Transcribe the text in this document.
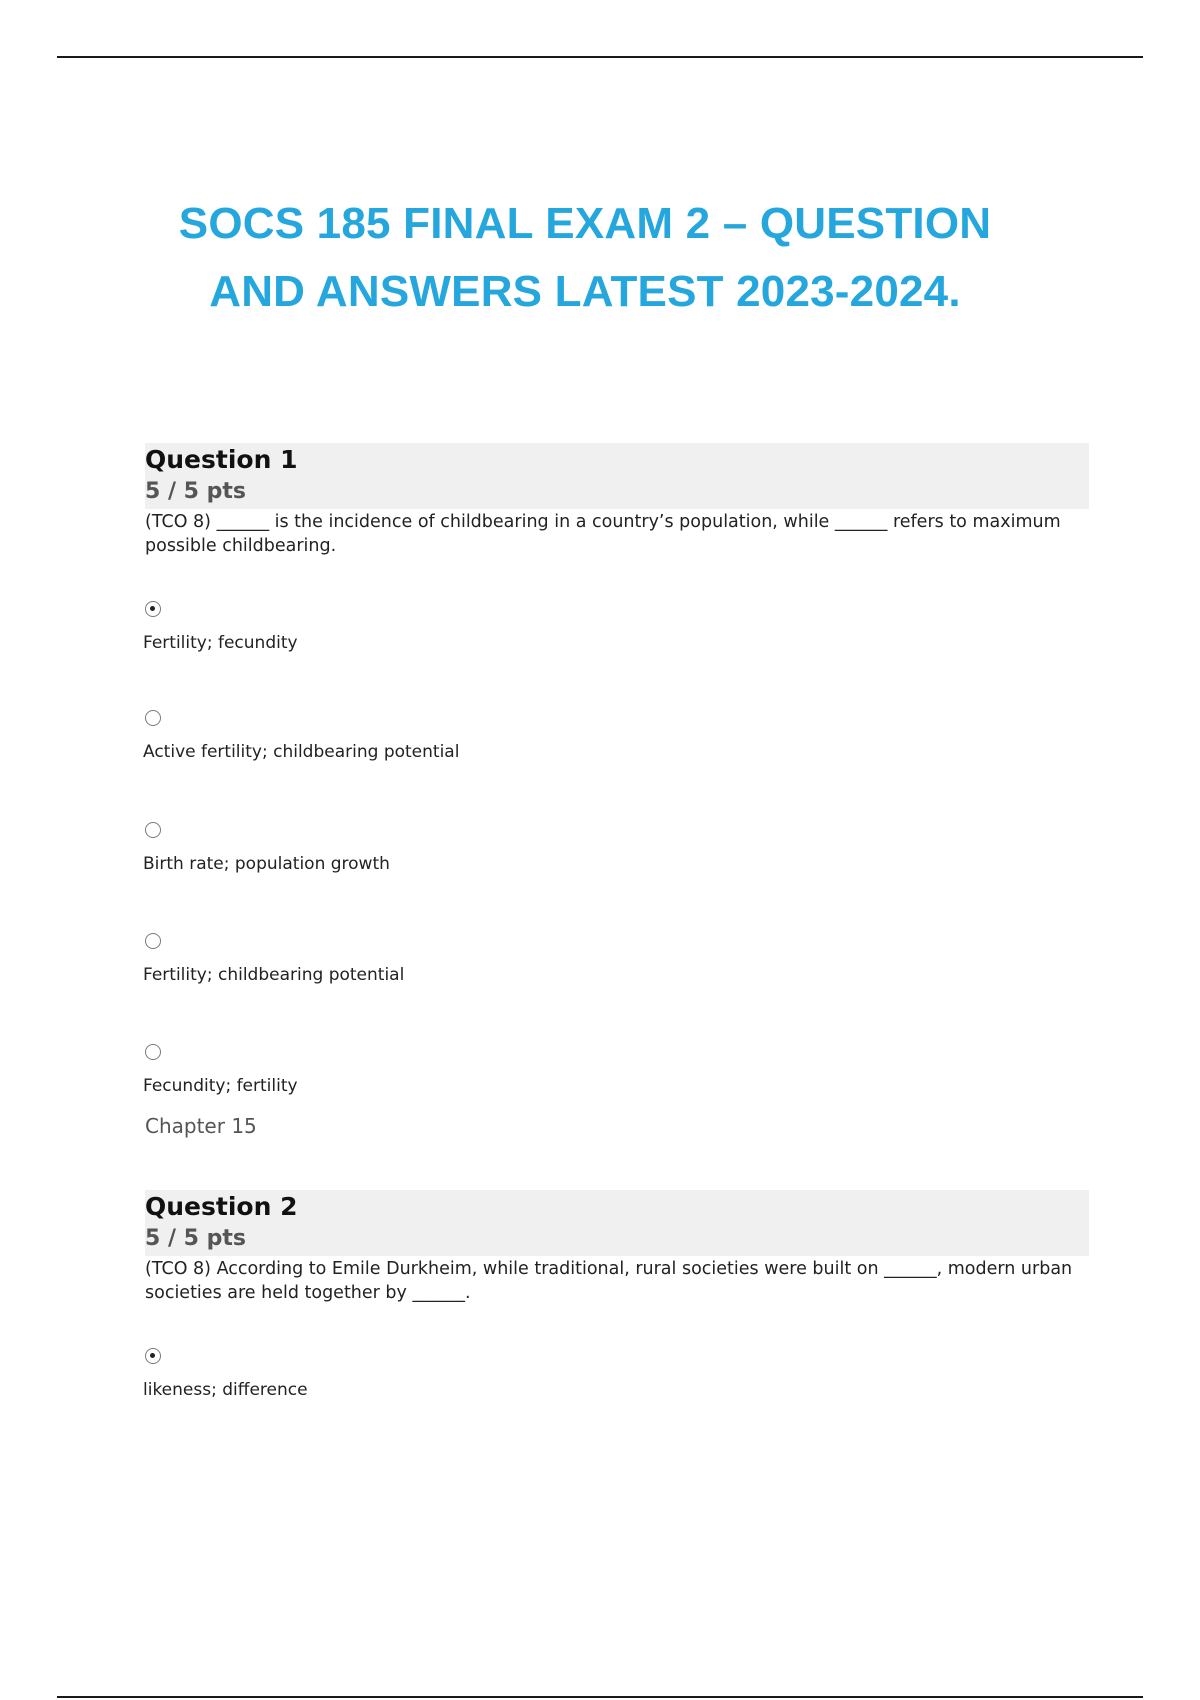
SOCS 185 FINAL EXAM 2 – QUESTION
AND ANSWERS LATEST 2023-2024.
Question 1
5 / 5 pts
(TCO 8) ______ is the incidence of childbearing in a country’s population, while ______ refers to maximum
possible childbearing.
Fertility; fecundity
Active fertility; childbearing potential
Birth rate; population growth
Fertility; childbearing potential
Fecundity; fertility
Chapter 15
Question 2
5 / 5 pts
(TCO 8) According to Emile Durkheim, while traditional, rural societies were built on ______, modern urban
societies are held together by ______.
likeness; difference
